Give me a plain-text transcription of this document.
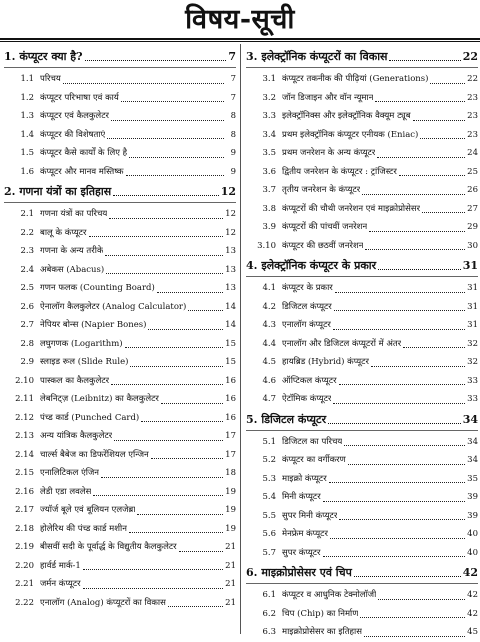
विषय-सूची
1. कंप्यूटर क्या है?	7
1.1 परिचय	7
1.2 कंप्यूटर परिभाषा एवं कार्य	7
1.3 कंप्यूटर एवं कैलकुलेटर	8
1.4 कंप्यूटर की विशेषताएं	8
1.5 कंप्यूटर कैसे कार्यों के लिए है	9
1.6 कंप्यूटर और मानव मस्तिष्क	9
2. गणना यंत्रों का इतिहास	12
2.1 गणना यंत्रों का परिचय	12
2.2 बालू के कंप्यूटर	12
2.3 गणना के अन्य तरीके	13
2.4 अबेकस (Abacus)	13
2.5 गणन फलक (Counting Board)	13
2.6 ऐनालॉग कैलकुलेटर (Analog Calculator)	14
2.7 नेपियर बोन्स (Napier Bones)	14
2.8 लघुगणक (Logarithm)	15
2.9 स्लाइड रूल (Slide Rule)	15
2.10 पास्कल का कैलकुलेटर	16
2.11 लेबनिट्ज़ (Leibnitz) का कैलकुलेटर	16
2.12 पंच्ड कार्ड (Punched Card)	16
2.13 अन्य यांत्रिक कैलकुलेटर	17
2.14 चार्ल्स बैबेज का डिफरेंशियल एन्जिन	17
2.15 एनालिटिकल एंजिन	18
2.16 लेडी एडा लवलेस	19
2.17 ज्यॉर्ज बूले एवं बूलियन एलजेब्रा	19
2.18 होलेरिथ की पंच्ड कार्ड मशीन	19
2.19 बीसवीं सदी के पूर्वार्द्ध के विद्युतीय कैलकुलेटर	21
2.20 हार्वर्ड मार्क-1	21
2.21 जर्मन कंप्यूटर	21
2.22 एनालॉग (Analog) कंप्यूटरों का विकास	21
3. इलेक्ट्रॉनिक कंप्यूटरों का विकास	22
3.1 कंप्यूटर तकनीक की पीढ़ियां (Generations)	22
3.2 जॉन डिजाइन और वॉन न्यूमान	23
3.3 इलेक्ट्रॉनिक्स और इलेक्ट्रॉनिक वैक्यूम ट्यूब	23
3.4 प्रथम इलेक्ट्रॉनिक कंप्यूटर एनीयक (Eniac)	23
3.5 प्रथम जनरेशन के अन्य कंप्यूटर	24
3.6 द्वितीय जनरेशन के कंप्यूटर : ट्रांजिस्टर	25
3.7 तृतीय जनरेशन के कंप्यूटर	26
3.8 कंप्यूटरों की चौथी जनरेशन एवं माइक्रोप्रोसेसर	27
3.9 कंप्यूटरों की पांचवीं जनरेशन	29
3.10 कंप्यूटर की छठवीं जनरेशन	30
4. इलेक्ट्रॉनिक कंप्यूटर के प्रकार	31
4.1 कंप्यूटर के प्रकार	31
4.2 डिजिटल कंप्यूटर	31
4.3 एनालॉग कंप्यूटर	31
4.4 एनालॉग और डिजिटल कंप्यूटरों में अंतर	32
4.5 हायब्रिड (Hybrid) कंप्यूटर	32
4.6 ऑप्टिकल कंप्यूटर	33
4.7 ऐटॉमिक कंप्यूटर	33
5. डिजिटल कंप्यूटर	34
5.1 डिजिटल का परिचय	34
5.2 कंप्यूटर का वर्गीकरण	34
5.3 माइक्रो कंप्यूटर	35
5.4 मिनी कंप्यूटर	39
5.5 सुपर मिनी कंप्यूटर	39
5.6 मेनफ्रेम कंप्यूटर	40
5.7 सुपर कंप्यूटर	40
6. माइक्रोप्रोसेसर एवं चिप	42
6.1 कंप्यूटर व आधुनिक टेक्नोलॉजी	42
6.2 चिप (Chip) का निर्माण	42
6.3 माइक्रोप्रोसेसर का इतिहास	45
